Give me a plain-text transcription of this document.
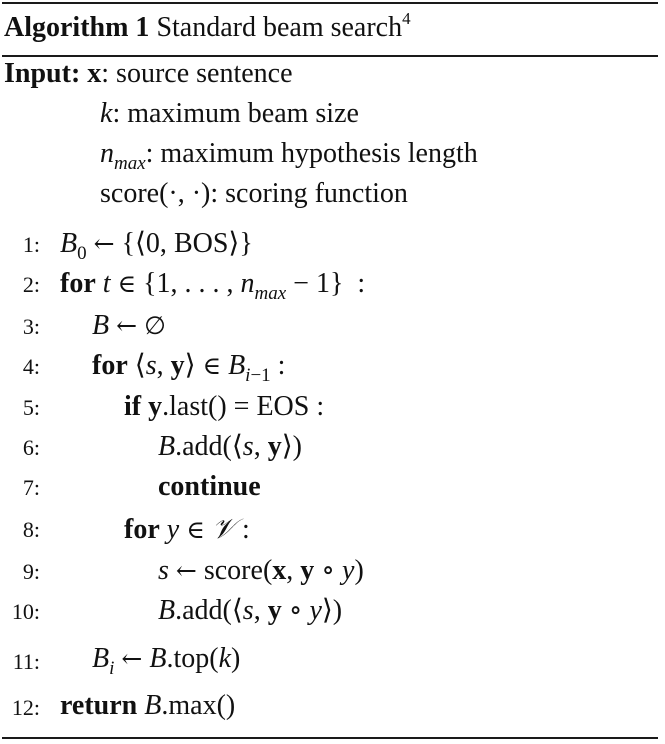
Algorithm 1 Standard beam search$^4$
Input: x: source sentence
k: maximum beam size
$n_{max}$: maximum hypothesis length
score(·, ·): scoring function
1: $B_0$ ← {⟨0, BOS⟩}
2: for t ∈ {1, . . . , $n_{max} - 1$}  :
3: B ← ∅
4: for ⟨s, y⟩ ∈ $B_{i-1}$ :
5:	if y.last() = EOS :
6:	B.add(⟨s, y⟩)
7:	continue
8:	for y ∈ 𝒱 :
9:	s ← score(x, y ∘ y)
10:	B.add(⟨s, y ∘ y⟩)
11: $B_i$ ← B.top(k)
12: return B.max()
